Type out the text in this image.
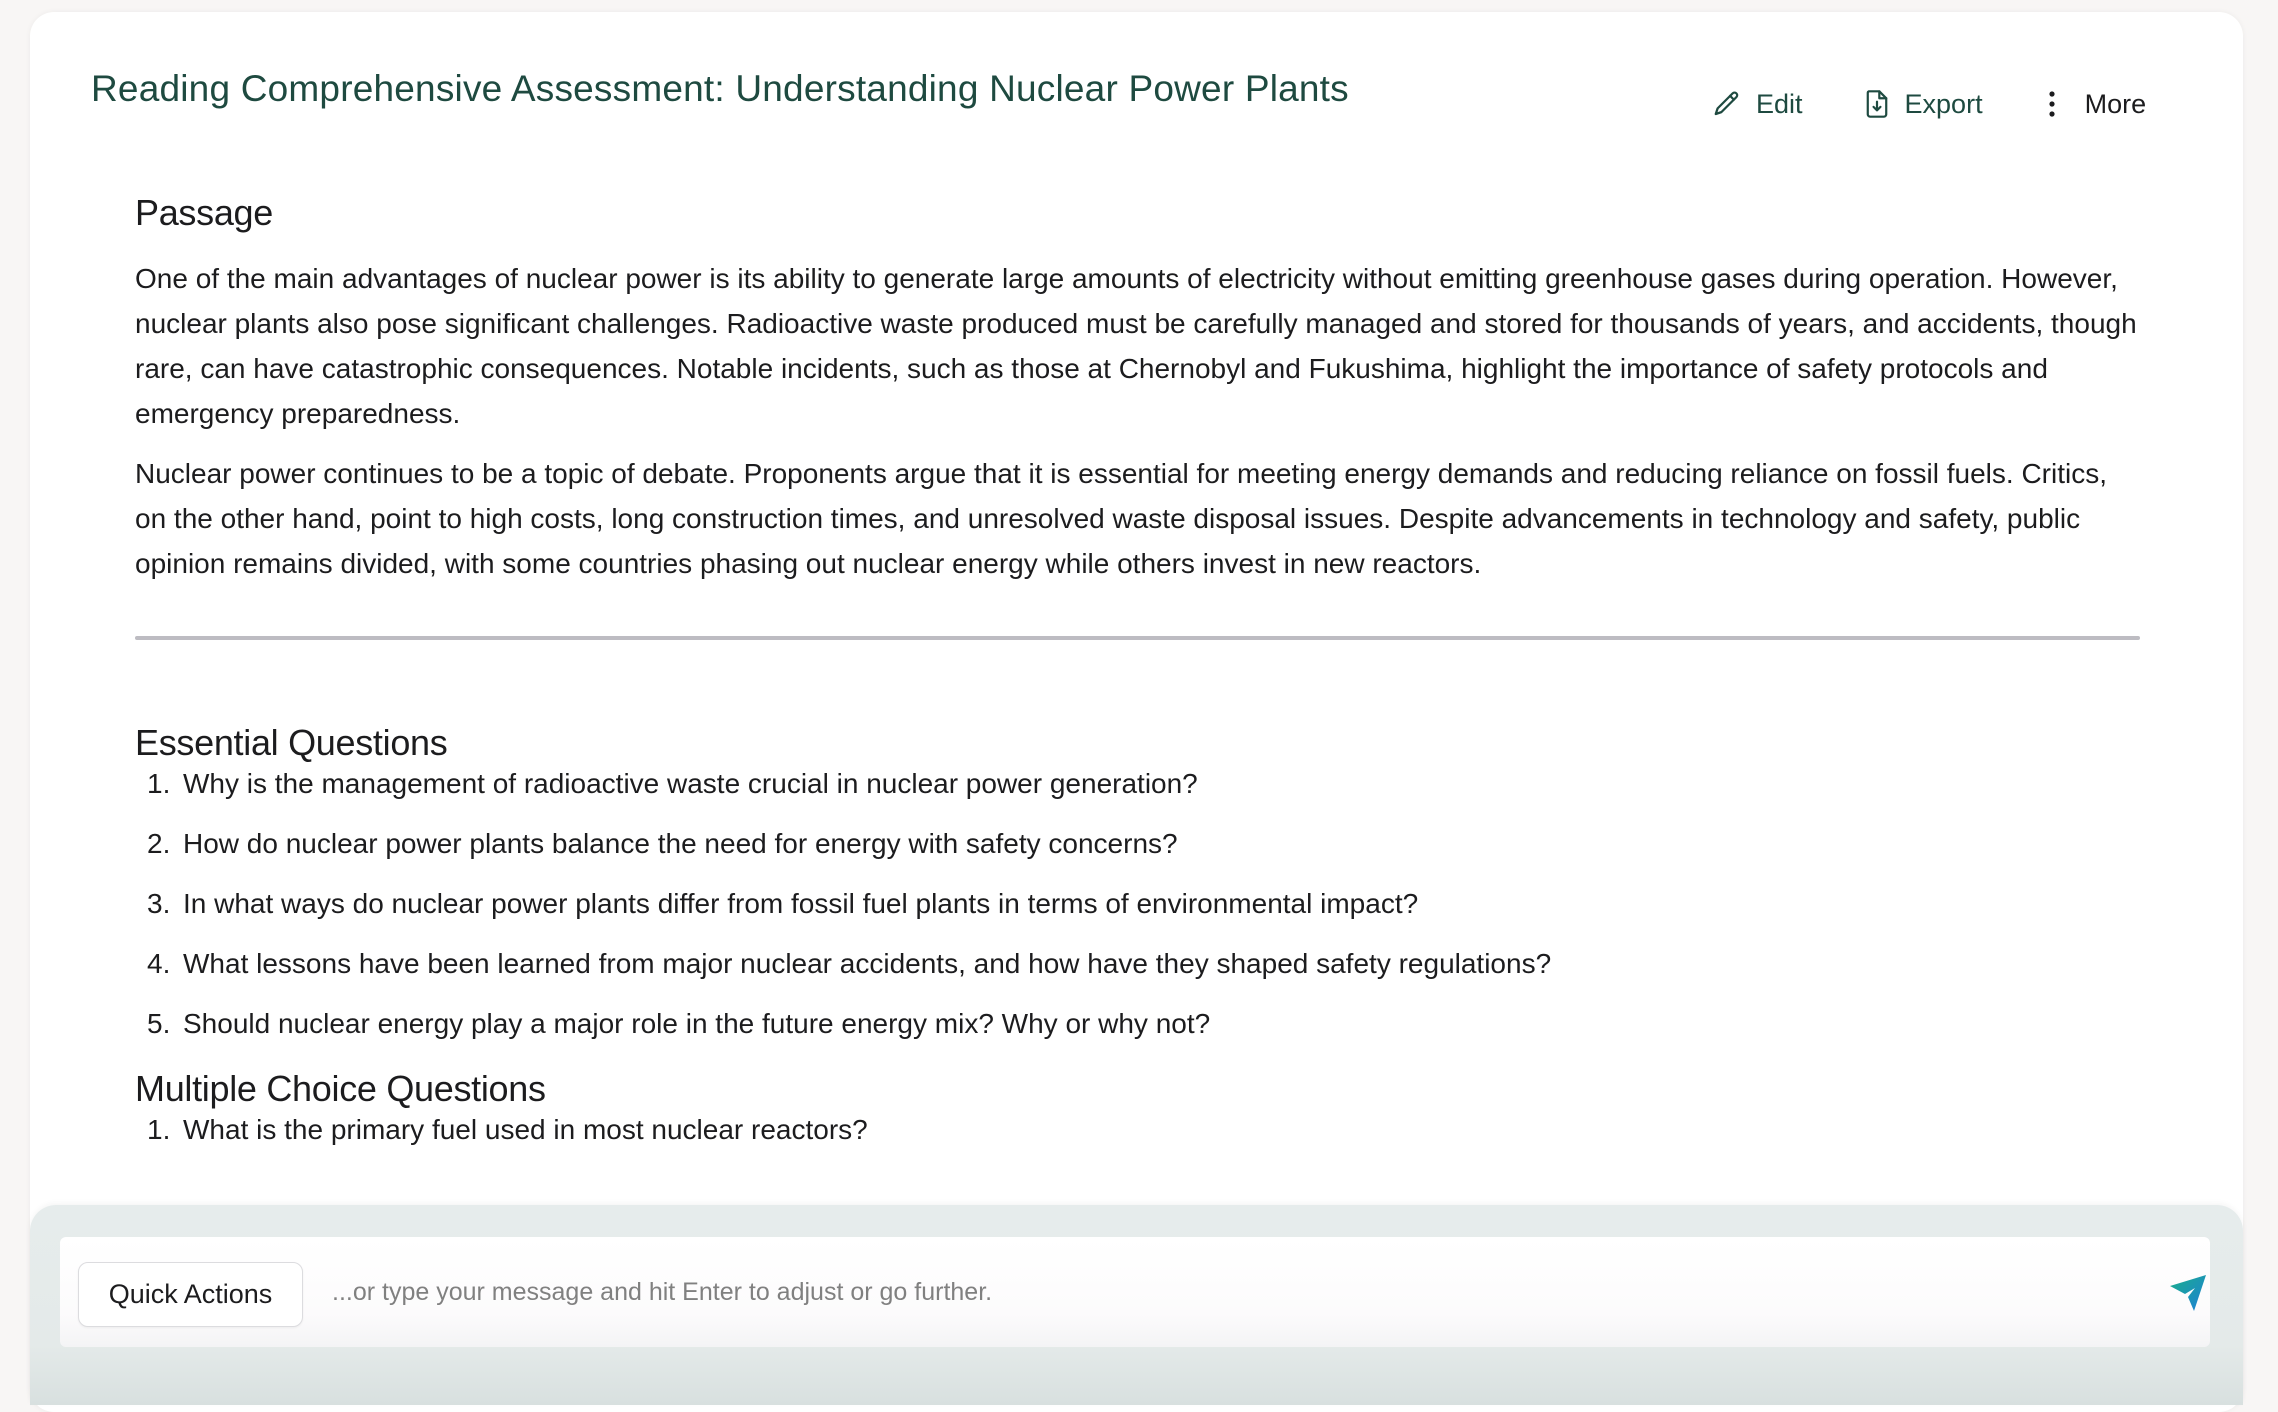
Reading Comprehensive Assessment: Understanding Nuclear Power Plants	Edit	Export	More
Passage

One of the main advantages of nuclear power is its ability to generate large amounts of electricity without emitting greenhouse gases during operation. However, nuclear plants also pose significant challenges. Radioactive waste produced must be carefully managed and stored for thousands of years, and accidents, though rare, can have catastrophic consequences. Notable incidents, such as those at Chernobyl and Fukushima, highlight the importance of safety protocols and emergency preparedness.

Nuclear power continues to be a topic of debate. Proponents argue that it is essential for meeting energy demands and reducing reliance on fossil fuels. Critics, on the other hand, point to high costs, long construction times, and unresolved waste disposal issues. Despite advancements in technology and safety, public opinion remains divided, with some countries phasing out nuclear energy while others invest in new reactors.

Essential Questions
1. Why is the management of radioactive waste crucial in nuclear power generation?
2. How do nuclear power plants balance the need for energy with safety concerns?
3. In what ways do nuclear power plants differ from fossil fuel plants in terms of environmental impact?
4. What lessons have been learned from major nuclear accidents, and how have they shaped safety regulations?
5. Should nuclear energy play a major role in the future energy mix? Why or why not?
Multiple Choice Questions
1. What is the primary fuel used in most nuclear reactors?
Quick Actions
...or type your message and hit Enter to adjust or go further.
